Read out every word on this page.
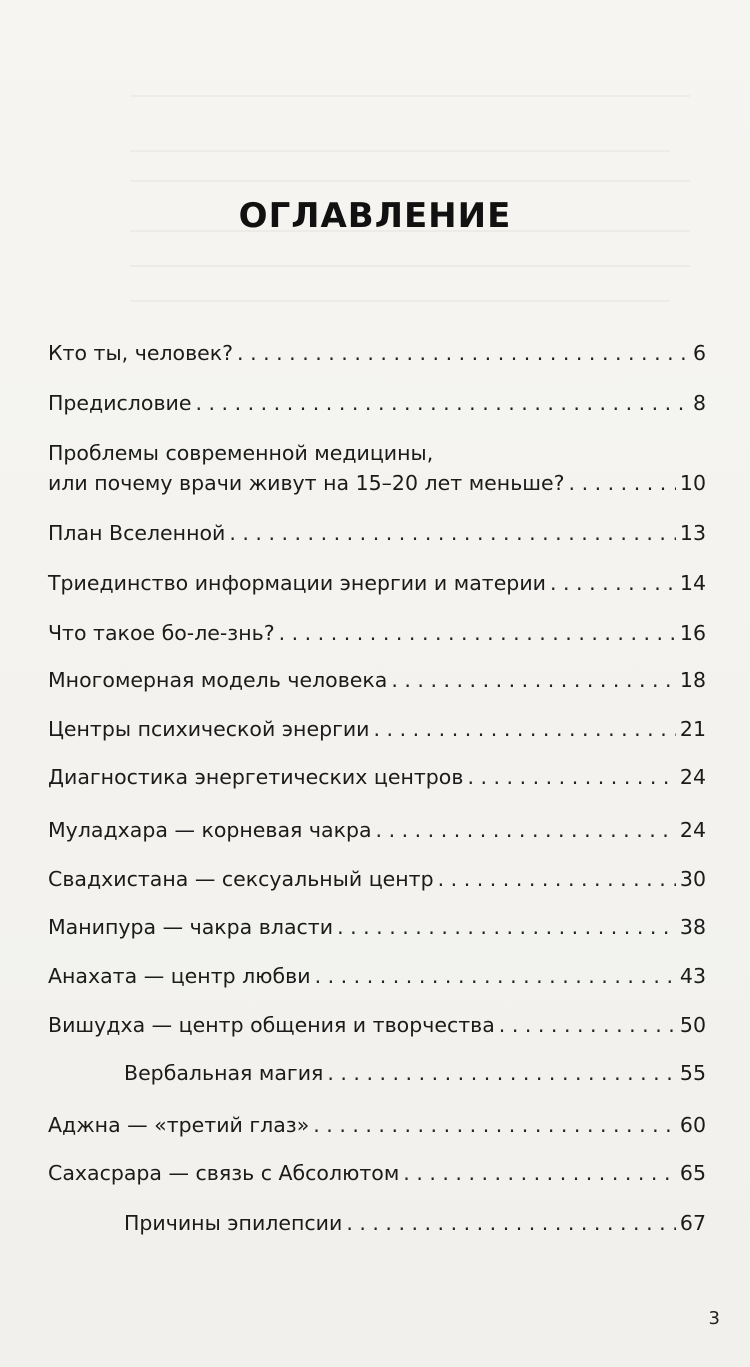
ОГЛАВЛЕНИЕ
Кто ты, человек? . . .	6
Предисловие . . .	8
Проблемы современной медицины,
или почему врачи живут на 15–20 лет меньше? . . .	10
План Вселенной . . .	13
Триединство информации энергии и материи . . .	14
Что такое бо-ле-знь? . . .	16
Многомерная модель человека . . .	18
Центры психической энергии . . .	21
Диагностика энергетических центров . . .	24
Муладхара — корневая чакра . . .	24
Свадхистана — сексуальный центр . . .	30
Манипура — чакра власти . . .	38
Анахата — центр любви . . .	43
Вишудха — центр общения и творчества . . .	50
Вербальная магия . . .	55
Аджна — «третий глаз» . . .	60
Сахасрара — связь с Абсолютом . . .	65
Причины эпилепсии . . .	67
3
